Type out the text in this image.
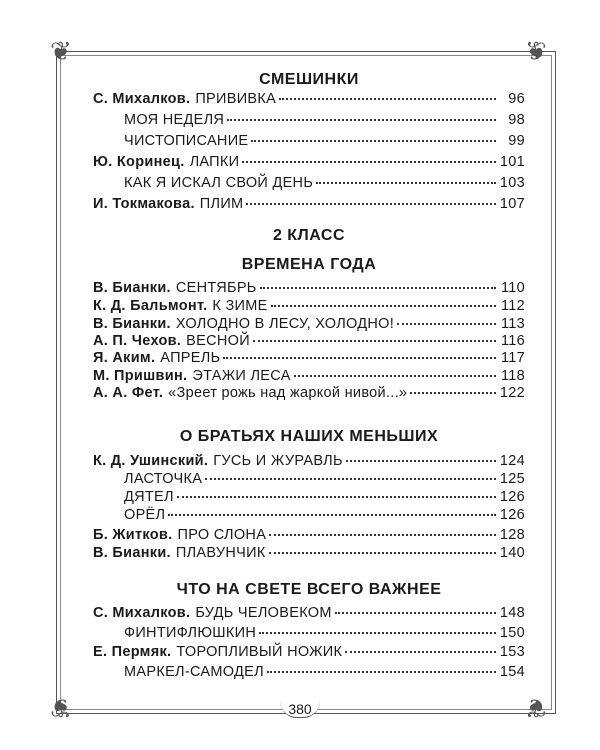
❦	❦
❦	❦
СМЕШИНКИ
С. Михалков. ПРИВИВКА	96
МОЯ НЕДЕЛЯ	98
ЧИСТОПИСАНИЕ	99
Ю. Коринец. ЛАПКИ	101
КАК Я ИСКАЛ СВОЙ ДЕНЬ	103
И. Токмакова. ПЛИМ	107
2 КЛАСС
ВРЕМЕНА ГОДА
В. Бианки. СЕНТЯБРЬ	110
К. Д. Бальмонт. К ЗИМЕ	112
В. Бианки. ХОЛОДНО В ЛЕСУ, ХОЛОДНО!	113
А. П. Чехов. ВЕСНОЙ	116
Я. Аким. АПРЕЛЬ	117
М. Пришвин. ЭТАЖИ ЛЕСА	118
А. А. Фет. «Зреет рожь над жаркой нивой...»	122
О БРАТЬЯХ НАШИХ МЕНЬШИХ
К. Д. Ушинский. ГУСЬ И ЖУРАВЛЬ	124
ЛАСТОЧКА	125
ДЯТЕЛ	126
ОРЁЛ	126
Б. Житков. ПРО СЛОНА	128
В. Бианки. ПЛАВУНЧИК	140
ЧТО НА СВЕТЕ ВСЕГО ВАЖНЕЕ
С. Михалков. БУДЬ ЧЕЛОВЕКОМ	148
ФИНТИФЛЮШКИН	150
Е. Пермяк. ТОРОПЛИВЫЙ НОЖИК	153
МАРКЕЛ-САМОДЕЛ	154
380
